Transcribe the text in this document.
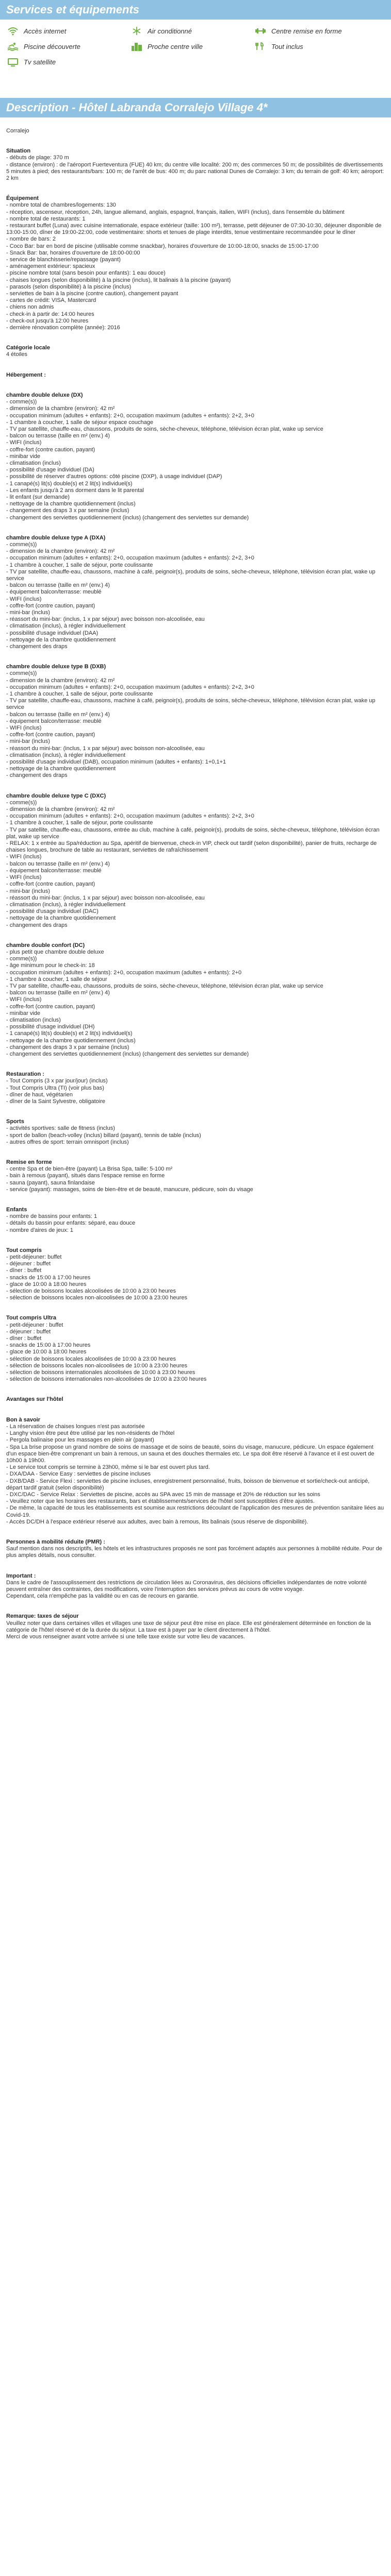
Services et équipements
Accès internet	Air conditionné	Centre remise en forme
Piscine découverte	Proche centre ville	Tout inclus
Tv satellite
Description - Hôtel Labranda Corralejo Village 4*

Corralejo

Situation

- débuts de plage: 370 m

- distance (environ) : de l'aéroport Fuerteventura (FUE) 40 km; du centre ville localité: 200 m; des commerces 50 m; de possibilités de divertissements 5 minutes à pied; des restaurants/bars: 100 m; de l'arrêt de bus: 400 m; du parc national Dunes de Corralejo: 3 km; du terrain de golf: 40 km; aéroport: 2 km

Équipement

- nombre total de chambres/logements: 130

- réception, ascenseur, réception, 24h, langue allemand, anglais, espagnol, français, italien, WIFI (inclus), dans l'ensemble du bâtiment

- nombre total de restaurants: 1

- restaurant buffet (Luna) avec cuisine internationale, espace extérieur (taille: 100 m²), terrasse, petit déjeuner de 07:30-10:30, déjeuner disponible de 13:00-15:00, dîner de 19:00-22:00, code vestimentaire: shorts et tenues de plage interdits, tenue vestimentaire recommandée pour le dîner

- nombre de bars: 2

- Coco Bar: bar en bord de piscine (utilisable comme snackbar), horaires d'ouverture de 10:00-18:00, snacks de 15:00-17:00

- Snack Bar: bar, horaires d'ouverture de 18:00-00:00

- service de blanchisserie/repassage (payant)

- aménagement extérieur: spacieux

- piscine nombre total (sans besoin pour enfants): 1 eau douce)

- chaises longues (selon disponibilité) à la piscine (inclus), lit balinais à la piscine (payant)

- parasols (selon disponibilité) à la piscine (inclus)

- serviettes de bain à la piscine (contre caution), changement payant

- cartes de crédit: VISA, Mastercard

- chiens non admis

- check-in à partir de: 14:00 heures

- check-out jusqu'à 12:00 heures

- dernière rénovation complète (année): 2016

Catégorie locale

4 étoiles

Hébergement :

chambre double deluxe (DX)

- comme(s))

- dimension de la chambre (environ): 42 m²

- occupation minimum (adultes + enfants): 2+0, occupation maximum (adultes + enfants): 2+2, 3+0

- 1 chambre à coucher, 1 salle de séjour espace couchage

- TV par satellite, chauffe-eau, chaussons, produits de soins, sèche-cheveux, téléphone, télévision écran plat, wake up service

- balcon ou terrasse (taille en m² (env.) 4)

- WIFI (inclus)

- coffre-fort (contre caution, payant)

- minibar vide

- climatisation (inclus)

- possibilité d'usage individuel (DA)

- possibilité de réserver d'autres options: côté piscine (DXP), à usage individuel (DAP)

- 1 canapé(s) lit(s) double(s) et 2 lit(s) individuel(s)

- Les enfants jusqu'à 2 ans dorment dans le lit parental

- lit enfant (sur demande)

- nettoyage de la chambre quotidiennement (inclus)

- changement des draps 3 x par semaine (inclus)

- changement des serviettes quotidiennement (inclus) (changement des serviettes sur demande)

chambre double deluxe type A (DXA)

- comme(s))

- dimension de la chambre (environ): 42 m²

- occupation minimum (adultes + enfants): 2+0, occupation maximum (adultes + enfants): 2+2, 3+0

- 1 chambre à coucher, 1 salle de séjour, porte coulissante

- TV par satellite, chauffe-eau, chaussons, machine à café, peignoir(s), produits de soins, sèche-cheveux, téléphone, télévision écran plat, wake up service

- balcon ou terrasse (taille en m² (env.) 4)

- équipement balcon/terrasse: meublé

- WIFI (inclus)

- coffre-fort (contre caution, payant)

- mini-bar (inclus)

- réassort du mini-bar: (inclus, 1 x par séjour) avec boisson non-alcoolisée, eau

- climatisation (inclus), à régler individuellement

- possibilité d'usage individuel (DAA)

- nettoyage de la chambre quotidiennement

- changement des draps

chambre double deluxe type B (DXB)

- comme(s))

- dimension de la chambre (environ): 42 m²

- occupation minimum (adultes + enfants): 2+0, occupation maximum (adultes + enfants): 2+2, 3+0

- 1 chambre à coucher, 1 salle de séjour, porte coulissante

- TV par satellite, chauffe-eau, chaussons, machine à café, peignoir(s), produits de soins, sèche-cheveux, téléphone, télévision écran plat, wake up service

- balcon ou terrasse (taille en m² (env.) 4)

- équipement balcon/terrasse: meublé

- WIFI (inclus)

- coffre-fort (contre caution, payant)

- mini-bar (inclus)

- réassort du mini-bar: (inclus, 1 x par séjour) avec boisson non-alcoolisée, eau

- climatisation (inclus), à régler individuellement

- possibilité d'usage individuel (DAB), occupation minimum (adultes + enfants): 1+0,1+1

- nettoyage de la chambre quotidiennement

- changement des draps

chambre double deluxe type C (DXC)

- comme(s))

- dimension de la chambre (environ): 42 m²

- occupation minimum (adultes + enfants): 2+0, occupation maximum (adultes + enfants): 2+2, 3+0

- 1 chambre à coucher, 1 salle de séjour, porte coulissante

- TV par satellite, chauffe-eau, chaussons, entrée au club, machine à café, peignoir(s), produits de soins, sèche-cheveux, téléphone, télévision écran plat, wake up service

- RELAX: 1 x entrée au Spa/réduction au Spa, apéritif de bienvenue, check-in VIP, check out tardif (selon disponibilité), panier de fruits, recharge de chaises longues, brochure de table au restaurant, serviettes de rafraîchissement

- WIFI (inclus)

- balcon ou terrasse (taille en m² (env.) 4)

- équipement balcon/terrasse: meublé

- WIFI (inclus)

- coffre-fort (contre caution, payant)

- mini-bar (inclus)

- réassort du mini-bar: (inclus, 1 x par séjour) avec boisson non-alcoolisée, eau

- climatisation (inclus), à régler individuellement

- possibilité d'usage individuel (DAC)

- nettoyage de la chambre quotidiennement

- changement des draps

chambre double confort (DC)

- plus petit que chambre double deluxe

- comme(s))

- âge minimum pour le check-in: 18

- occupation minimum (adultes + enfants): 2+0, occupation maximum (adultes + enfants): 2+0

- 1 chambre à coucher, 1 salle de séjour

- TV par satellite, chauffe-eau, chaussons, produits de soins, sèche-cheveux, téléphone, télévision écran plat, wake up service

- balcon ou terrasse (taille en m² (env.) 4)

- WIFI (inclus)

- coffre-fort (contre caution, payant)

- minibar vide

- climatisation (inclus)

- possibilité d'usage individuel (DH)

- 1 canapé(s) lit(s) double(s) et 2 lit(s) individuel(s)

- nettoyage de la chambre quotidiennement (inclus)

- changement des draps 3 x par semaine (inclus)

- changement des serviettes quotidiennement (inclus) (changement des serviettes sur demande)

Restauration :

- Tout Compris (3 x par jour/jour) (inclus)

- Tout Compris Ultra (TI) (voir plus bas)

- dîner de haut, végétarien

- dîner de la Saint Sylvestre, obligatoire

Sports

- activités sportives: salle de fitness (inclus)

- sport de ballon (beach-volley (inclus) billard (payant), tennis de table (inclus)

- autres offres de sport: terrain omnisport (inclus)

Remise en forme

- centre Spa et de bien-être (payant) La Brisa Spa, taille: 5-100 m²

- bain à remous (payant), situés dans l'espace remise en forme

- sauna (payant), sauna finlandaise

- service (payant): massages, soins de bien-être et de beauté, manucure, pédicure, soin du visage

Enfants

- nombre de bassins pour enfants: 1

- détails du bassin pour enfants: séparé, eau douce

- nombre d'aires de jeux: 1

Tout compris

- petit-déjeuner: buffet

- déjeuner : buffet

- dîner : buffet

- snacks de 15:00 à 17:00 heures

- glace de 10:00 à 18:00 heures

- sélection de boissons locales alcoolisées de 10:00 à 23:00 heures

- sélection de boissons locales non-alcoolisées de 10:00 à 23:00 heures

Tout compris Ultra

- petit-déjeuner : buffet

- déjeuner : buffet

- dîner : buffet

- snacks de 15:00 à 17:00 heures

- glace de 10:00 à 18:00 heures

- sélection de boissons locales alcoolisées de 10:00 à 23:00 heures

- sélection de boissons locales non-alcoolisées de 10:00 à 23:00 heures

- sélection de boissons internationales alcoolisées de 10:00 à 23:00 heures

- sélection de boissons internationales non-alcoolisées de 10:00 à 23:00 heures

Avantages sur l'hôtel

Bon à savoir

- La réservation de chaises longues n'est pas autorisée

- Langhy vision être peut être utilisé par les non-résidents de l'hôtel

- Pergola balinaise pour les massages en plein air (payant)

- Spa La brise propose un grand nombre de soins de massage et de soins de beauté, soins du visage, manucure, pédicure. Un espace également d'un espace bien-être comprenant un bain à remous, un sauna et des douches thermales etc. Le spa doit être réservé à l'avance et il est ouvert de 10h00 à 19h00.

- Le service tout compris se termine à 23h00, même si le bar est ouvert plus tard.

- DXA/DAA - Service Easy : serviettes de piscine incluses

- DXB/DAB - Service Flexi : serviettes de piscine incluses, enregistrement personnalisé, fruits, boisson de bienvenue et sortie/check-out anticipé, départ tardif gratuit (selon disponibilité)

- DXC/DAC - Service Relax : Serviettes de piscine, accès au SPA avec 15 min de massage et 20% de réduction sur les soins

- Veuillez noter que les horaires des restaurants, bars et établissements/services de l'hôtel sont susceptibles d'être ajustés.

- De même, la capacité de tous les établissements est soumise aux restrictions découlant de l'application des mesures de prévention sanitaire liées au Covid-19.

- Accès DC/DH à l'espace extérieur réservé aux adultes, avec bain à remous, lits balinais (sous réserve de disponibilité).

Personnes à mobilité réduite (PMR) :

Sauf mention dans nos descriptifs, les hôtels et les infrastructures proposés ne sont pas forcément adaptés aux personnes à mobilité réduite. Pour de plus amples détails, nous consulter.

Important :

Dans le cadre de l'assouplissement des restrictions de circulation liées au Coronavirus, des décisions officielles indépendantes de notre volonté peuvent entraîner des contraintes, des modifications, voire l'interruption des services prévus au cours de votre voyage.

Cependant, cela n'empêche pas la validité ou en cas de recours en garantie.

Remarque: taxes de séjour

Veuillez noter que dans certaines villes et villages une taxe de séjour peut être mise en place. Elle est généralement déterminée en fonction de la catégorie de l'hôtel réservé et de la durée du séjour. La taxe est à payer par le client directement à l'hôtel.

Merci de vous renseigner avant votre arrivée si une telle taxe existe sur votre lieu de vacances.
